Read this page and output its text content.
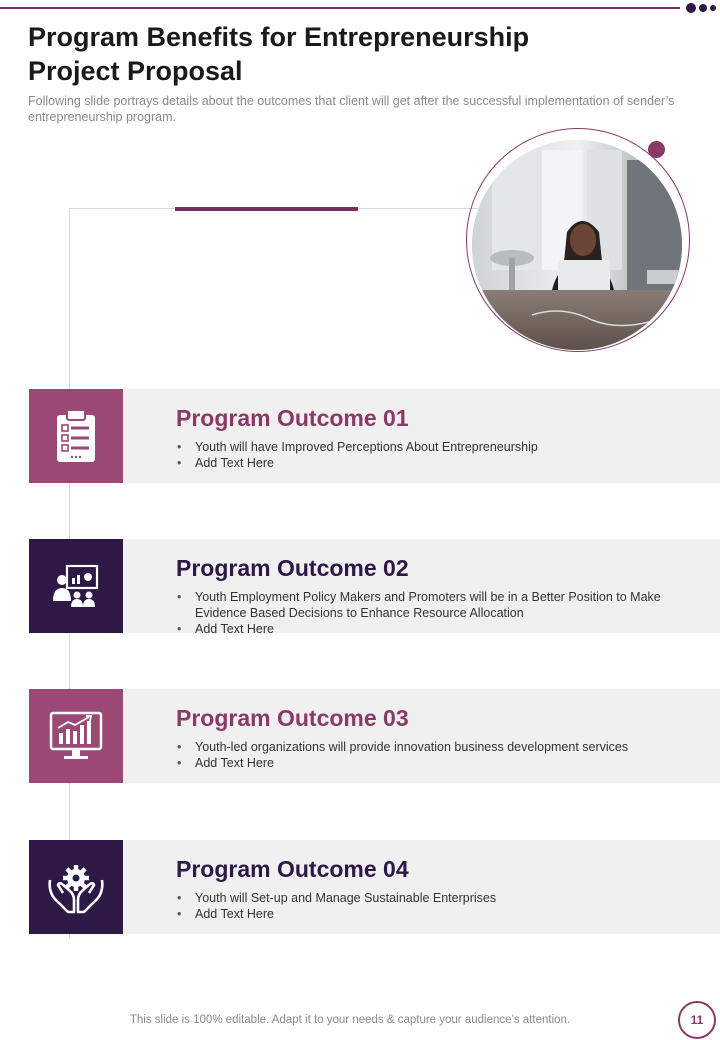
Program Benefits for Entrepreneurship Project Proposal

Following slide portrays details about the outcomes that client will get after the successful implementation of sender’s entrepreneurship program.

Program Outcome 01
• Youth will have Improved Perceptions About Entrepreneurship
• Add Text Here
Program Outcome 02
• Youth Employment Policy Makers and Promoters will be in a Better Position to Make Evidence Based Decisions to Enhance Resource Allocation
• Add Text Here
Program Outcome 03
• Youth-led organizations will provide innovation business development services
• Add Text Here
Program Outcome 04
• Youth will Set-up and Manage Sustainable Enterprises
• Add Text Here
This slide is 100% editable. Adapt it to your needs & capture your audience’s attention.	11
